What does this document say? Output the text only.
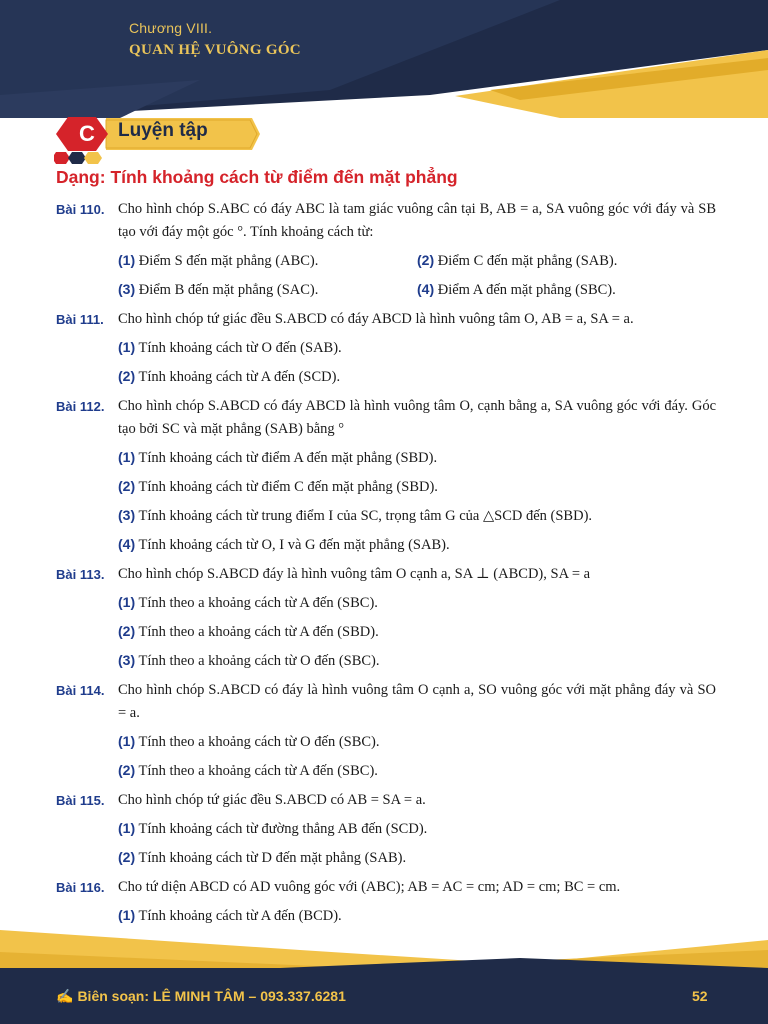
Chương VIII.
QUAN HỆ VUÔNG GÓC
C	Luyện tập
Dạng: Tính khoảng cách từ điểm đến mặt phẳng
Bài 110. Cho hình chóp S.ABC có đáy ABC là tam giác vuông cân tại B, AB = a, SA vuông góc với đáy và SB tạo với đáy một góc °. Tính khoảng cách từ:
(1) Điểm S đến mặt phẳng (ABC).	(2) Điểm C đến mặt phẳng (SAB).
(3) Điểm B đến mặt phẳng (SAC).	(4) Điểm A đến mặt phẳng (SBC).
Bài 111. Cho hình chóp tứ giác đều S.ABCD có đáy ABCD là hình vuông tâm O, AB = a, SA = a.
(1) Tính khoảng cách từ O đến (SAB).
(2) Tính khoảng cách từ A đến (SCD).
Bài 112. Cho hình chóp S.ABCD có đáy ABCD là hình vuông tâm O, cạnh bằng a, SA vuông góc với đáy. Góc tạo bởi SC và mặt phẳng (SAB) bằng °
(1) Tính khoảng cách từ điểm A đến mặt phẳng (SBD).
(2) Tính khoảng cách từ điểm C đến mặt phẳng (SBD).
(3) Tính khoảng cách từ trung điểm I của SC, trọng tâm G của △SCD đến (SBD).
(4) Tính khoảng cách từ O, I và G đến mặt phẳng (SAB).
Bài 113. Cho hình chóp S.ABCD đáy là hình vuông tâm O cạnh a, SA ⊥ (ABCD), SA = a
(1) Tính theo a khoảng cách từ A đến (SBC).
(2) Tính theo a khoảng cách từ A đến (SBD).
(3) Tính theo a khoảng cách từ O đến (SBC).
Bài 114. Cho hình chóp S.ABCD có đáy là hình vuông tâm O cạnh a, SO vuông góc với mặt phẳng đáy và SO = a.
(1) Tính theo a khoảng cách từ O đến (SBC).
(2) Tính theo a khoảng cách từ A đến (SBC).
Bài 115. Cho hình chóp tứ giác đều S.ABCD có AB = SA = a.
(1) Tính khoảng cách từ đường thẳng AB đến (SCD).
(2) Tính khoảng cách từ D đến mặt phẳng (SAB).
Bài 116. Cho tứ diện ABCD có AD vuông góc với (ABC); AB = AC = cm; AD = cm; BC = cm.
(1) Tính khoảng cách từ A đến (BCD).
✍ Biên soạn: LÊ MINH TÂM – 093.337.6281	52
